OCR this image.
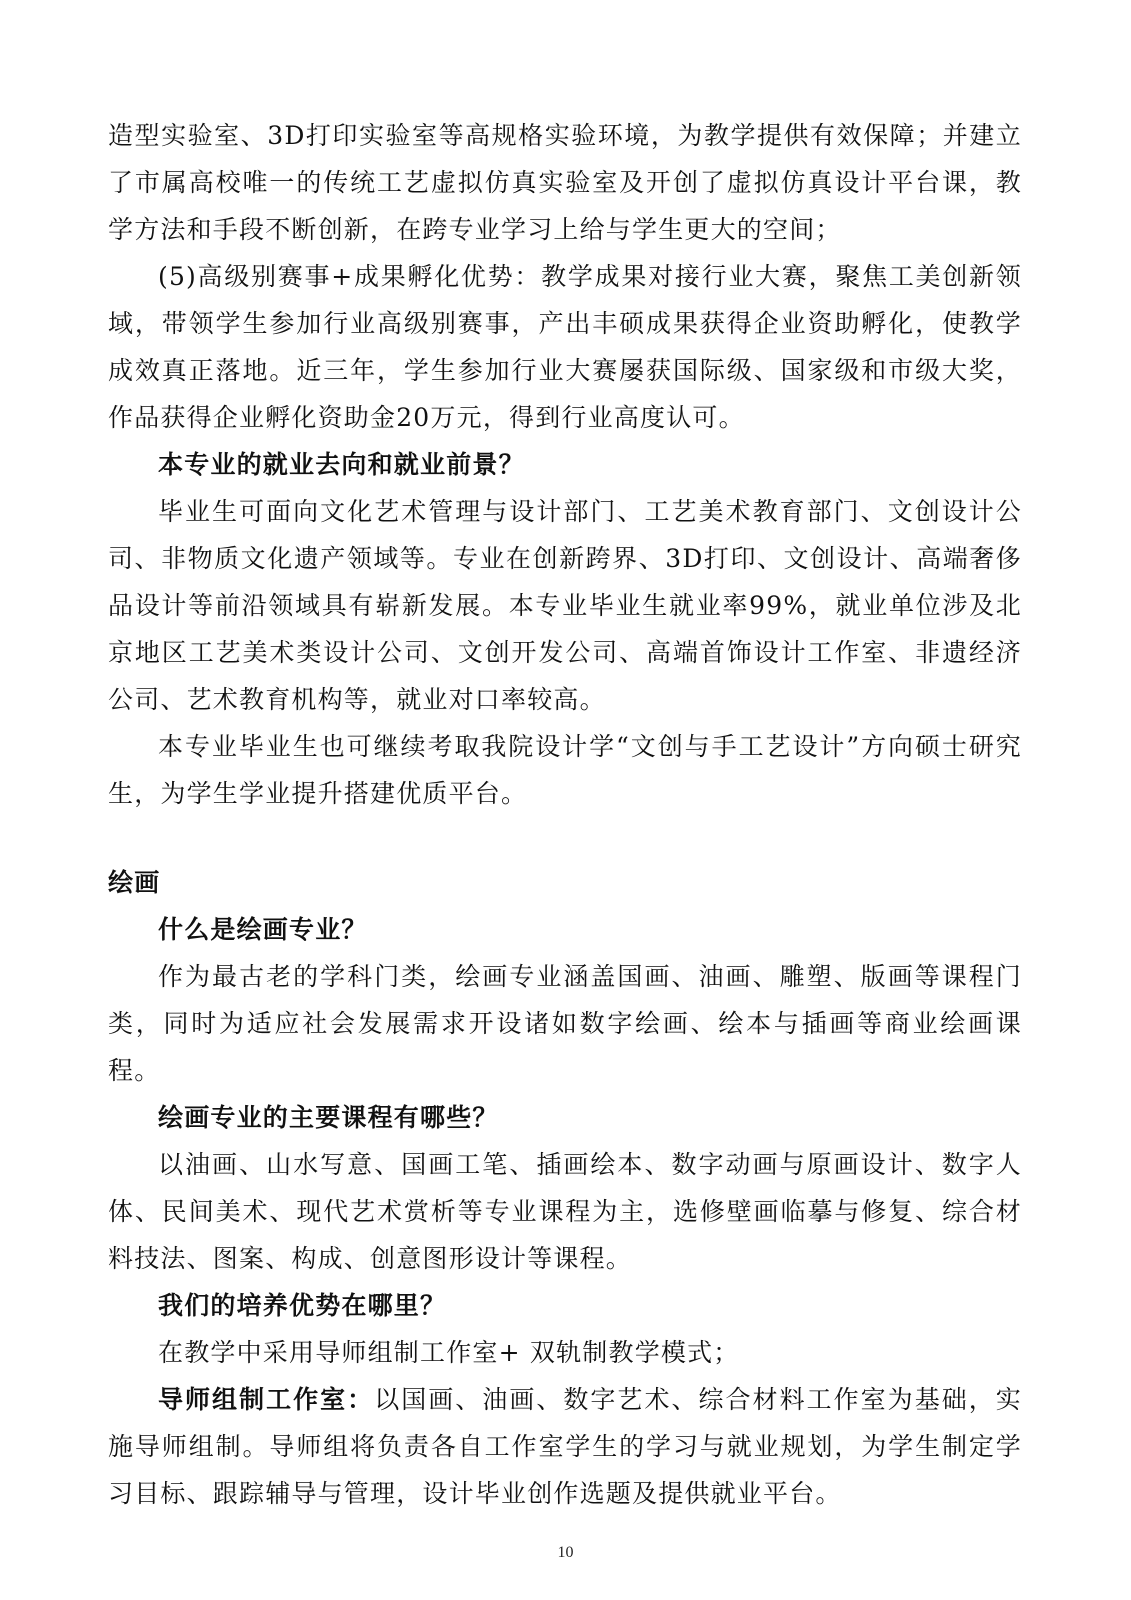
造型实验室、3D打印实验室等高规格实验环境，为教学提供有效保障；并建立了市属高校唯一的传统工艺虚拟仿真实验室及开创了虚拟仿真设计平台课，教学方法和手段不断创新，在跨专业学习上给与学生更大的空间；

(5)高级别赛事+成果孵化优势：教学成果对接行业大赛，聚焦工美创新领域，带领学生参加行业高级别赛事，产出丰硕成果获得企业资助孵化，使教学成效真正落地。近三年，学生参加行业大赛屡获国际级、国家级和市级大奖，作品获得企业孵化资助金20万元，得到行业高度认可。

本专业的就业去向和就业前景？

毕业生可面向文化艺术管理与设计部门、工艺美术教育部门、文创设计公司、非物质文化遗产领域等。专业在创新跨界、3D打印、文创设计、高端奢侈品设计等前沿领域具有崭新发展。本专业毕业生就业率99%，就业单位涉及北京地区工艺美术类设计公司、文创开发公司、高端首饰设计工作室、非遗经济公司、艺术教育机构等，就业对口率较高。

本专业毕业生也可继续考取我院设计学“文创与手工艺设计”方向硕士研究生，为学生学业提升搭建优质平台。

绘画

什么是绘画专业？

作为最古老的学科门类，绘画专业涵盖国画、油画、雕塑、版画等课程门类，同时为适应社会发展需求开设诸如数字绘画、绘本与插画等商业绘画课程。

绘画专业的主要课程有哪些？

以油画、山水写意、国画工笔、插画绘本、数字动画与原画设计、数字人体、民间美术、现代艺术赏析等专业课程为主，选修壁画临摹与修复、综合材料技法、图案、构成、创意图形设计等课程。

我们的培养优势在哪里？

在教学中采用导师组制工作室+ 双轨制教学模式；

导师组制工作室：以国画、油画、数字艺术、综合材料工作室为基础，实施导师组制。导师组将负责各自工作室学生的学习与就业规划，为学生制定学习目标、跟踪辅导与管理，设计毕业创作选题及提供就业平台。

10
